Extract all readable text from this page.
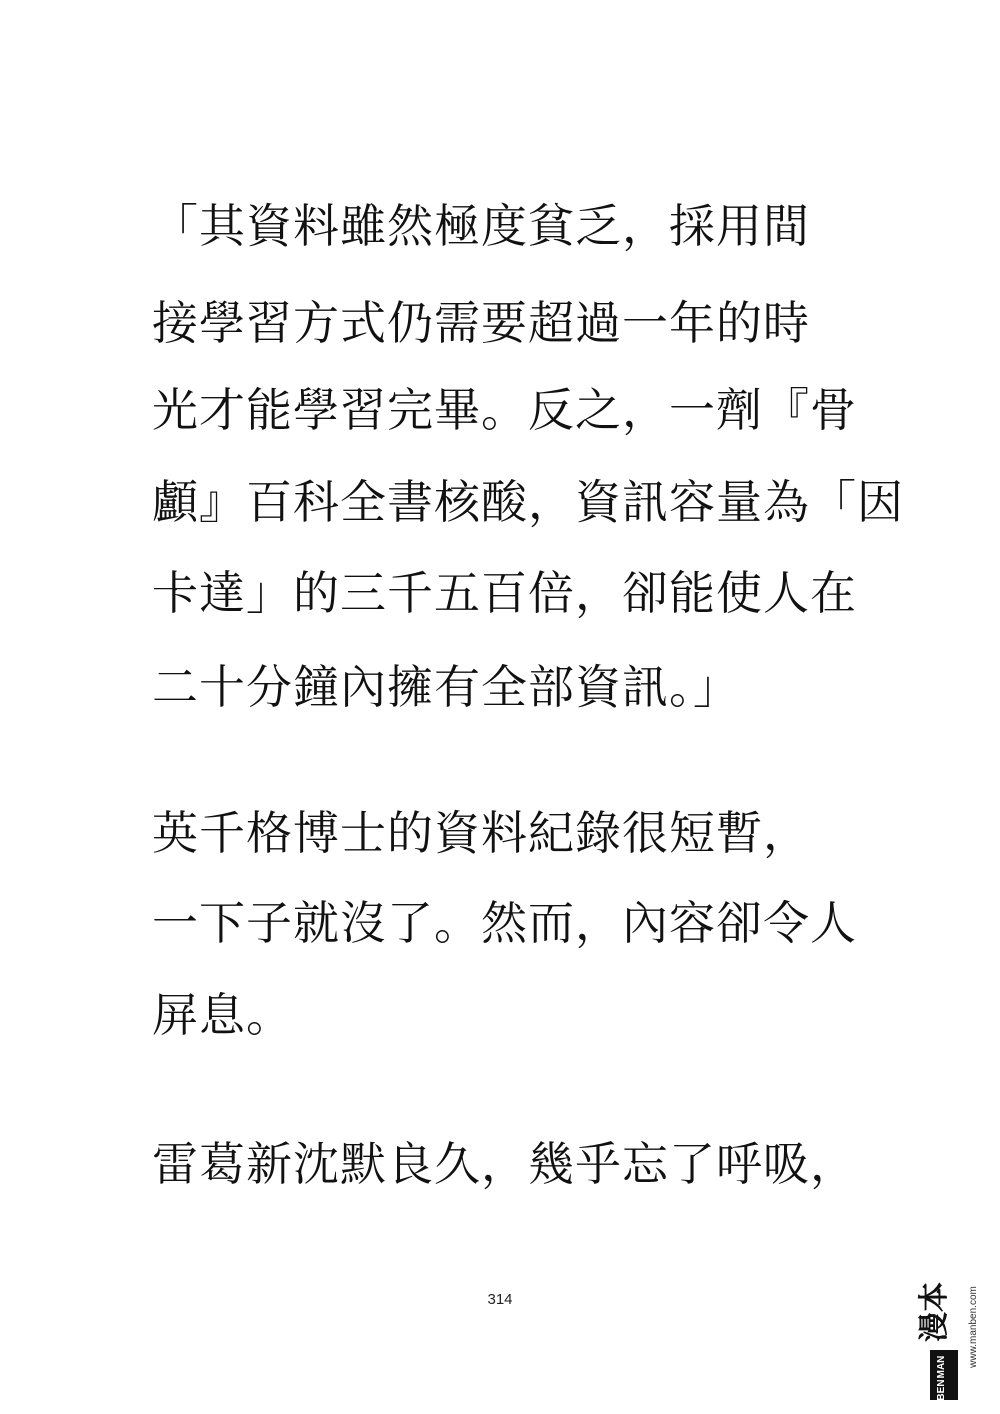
「其資料雖然極度貧乏，採用間
接學習方式仍需要超過一年的時
光才能學習完畢。反之，一劑『骨
顱』百科全書核酸，資訊容量為「因
卡達」的三千五百倍，卻能使人在
二十分鐘內擁有全部資訊。」
英千格博士的資料紀錄很短暫，
一下子就沒了。然而，內容卻令人
屏息。
雷葛新沈默良久，幾乎忘了呼吸，
314
MAN
BEN
漫本 www.manben.com
